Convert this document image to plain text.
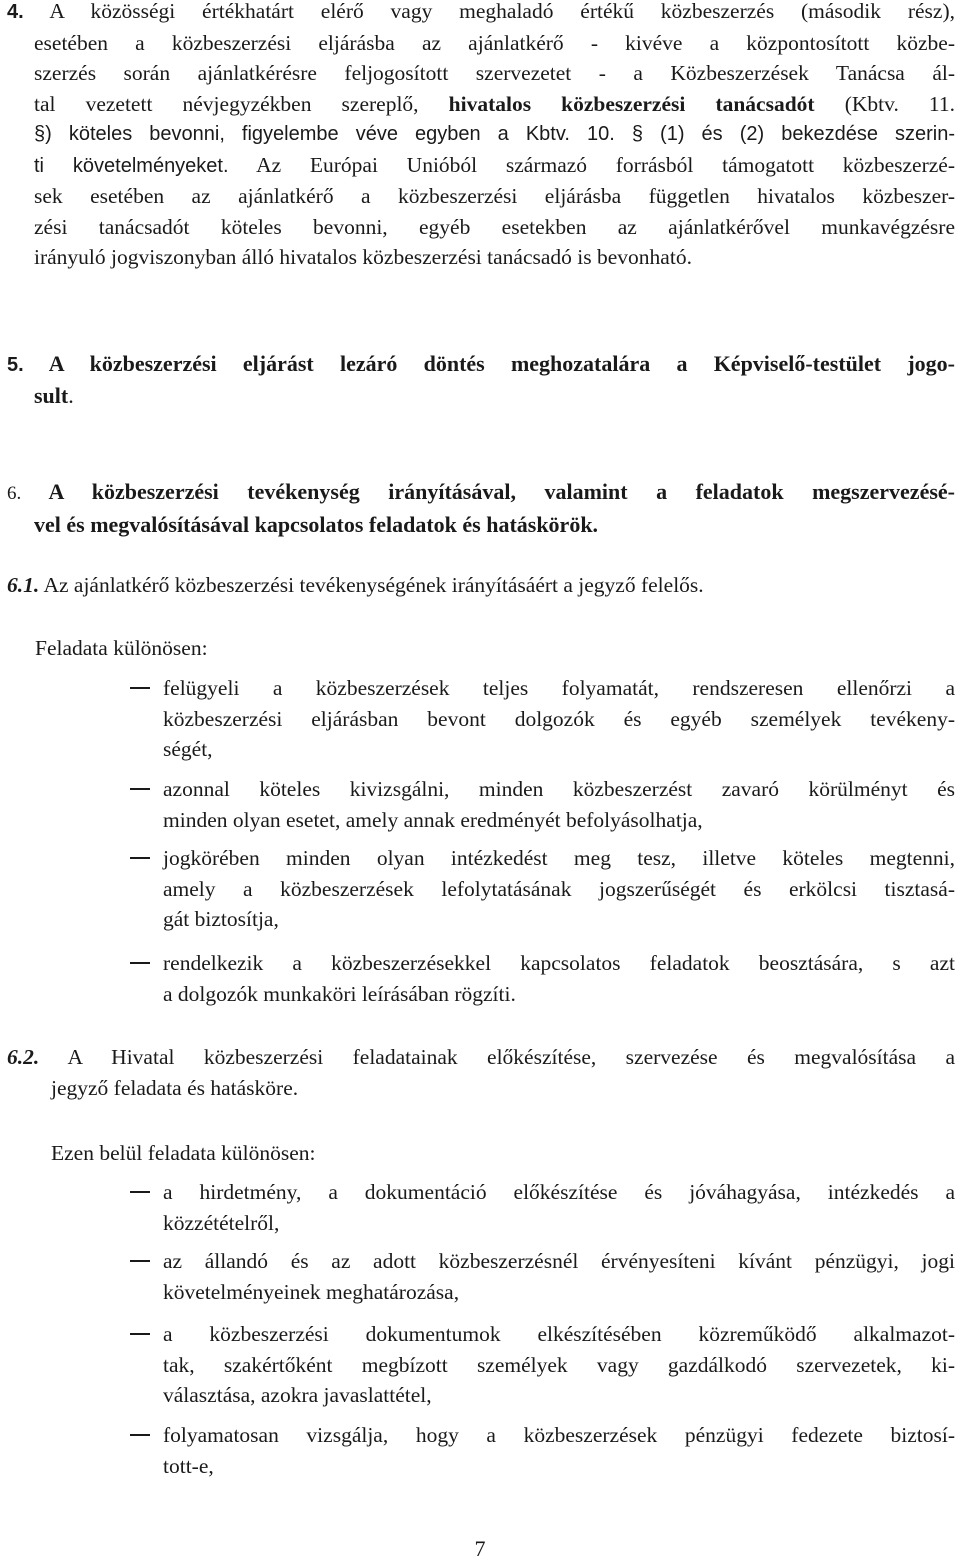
4. A közösségi értékhatárt elérő vagy meghaladó értékű közbeszerzés (második rész),
esetében a közbeszerzési eljárásba az ajánlatkérő - kivéve a központosított közbe-
szerzés során ajánlatkérésre feljogosított szervezetet - a Közbeszerzések Tanácsa ál-
tal vezetett névjegyzékben szereplő, hivatalos közbeszerzési tanácsadót (Kbtv. 11.
§) köteles bevonni, figyelembe véve egyben a Kbtv. 10. § (1) és (2) bekezdése szerin-
ti követelményeket. Az Európai Unióból származó forrásból támogatott közbeszerzé-
sek esetében az ajánlatkérő a közbeszerzési eljárásba független hivatalos közbeszer-
zési tanácsadót köteles bevonni, egyéb esetekben az ajánlatkérővel munkavégzésre
irányuló jogviszonyban álló hivatalos közbeszerzési tanácsadó is bevonható.
5. A közbeszerzési eljárást lezáró döntés meghozatalára a Képviselő-testület jogo-
sult.
6. A közbeszerzési tevékenység irányításával, valamint a feladatok megszervezésé-
vel és megvalósításával kapcsolatos feladatok és hatáskörök.
6.1. Az ajánlatkérő közbeszerzési tevékenységének irányításáért a jegyző felelős.
Feladata különösen:
felügyeli a közbeszerzések teljes folyamatát, rendszeresen ellenőrzi a
közbeszerzési eljárásban bevont dolgozók és egyéb személyek tevékeny-
ségét,
azonnal köteles kivizsgálni, minden közbeszerzést zavaró körülményt és
minden olyan esetet, amely annak eredményét befolyásolhatja,
jogkörében minden olyan intézkedést meg tesz, illetve köteles megtenni,
amely a közbeszerzések lefolytatásának jogszerűségét és erkölcsi tisztasá-
gát biztosítja,
rendelkezik a közbeszerzésekkel kapcsolatos feladatok beosztására, s azt
a dolgozók munkaköri leírásában rögzíti.
6.2. A Hivatal közbeszerzési feladatainak előkészítése, szervezése és megvalósítása a
jegyző feladata és hatásköre.
Ezen belül feladata különösen:
a hirdetmény, a dokumentáció előkészítése és jóváhagyása, intézkedés a
közzétételről,
az állandó és az adott közbeszerzésnél érvényesíteni kívánt pénzügyi, jogi
követelményeinek meghatározása,
a közbeszerzési dokumentumok elkészítésében közreműködő alkalmazot-
tak, szakértőként megbízott személyek vagy gazdálkodó szervezetek, ki-
választása, azokra javaslattétel,
folyamatosan vizsgálja, hogy a közbeszerzések pénzügyi fedezete biztosí-
tott-e,
7
